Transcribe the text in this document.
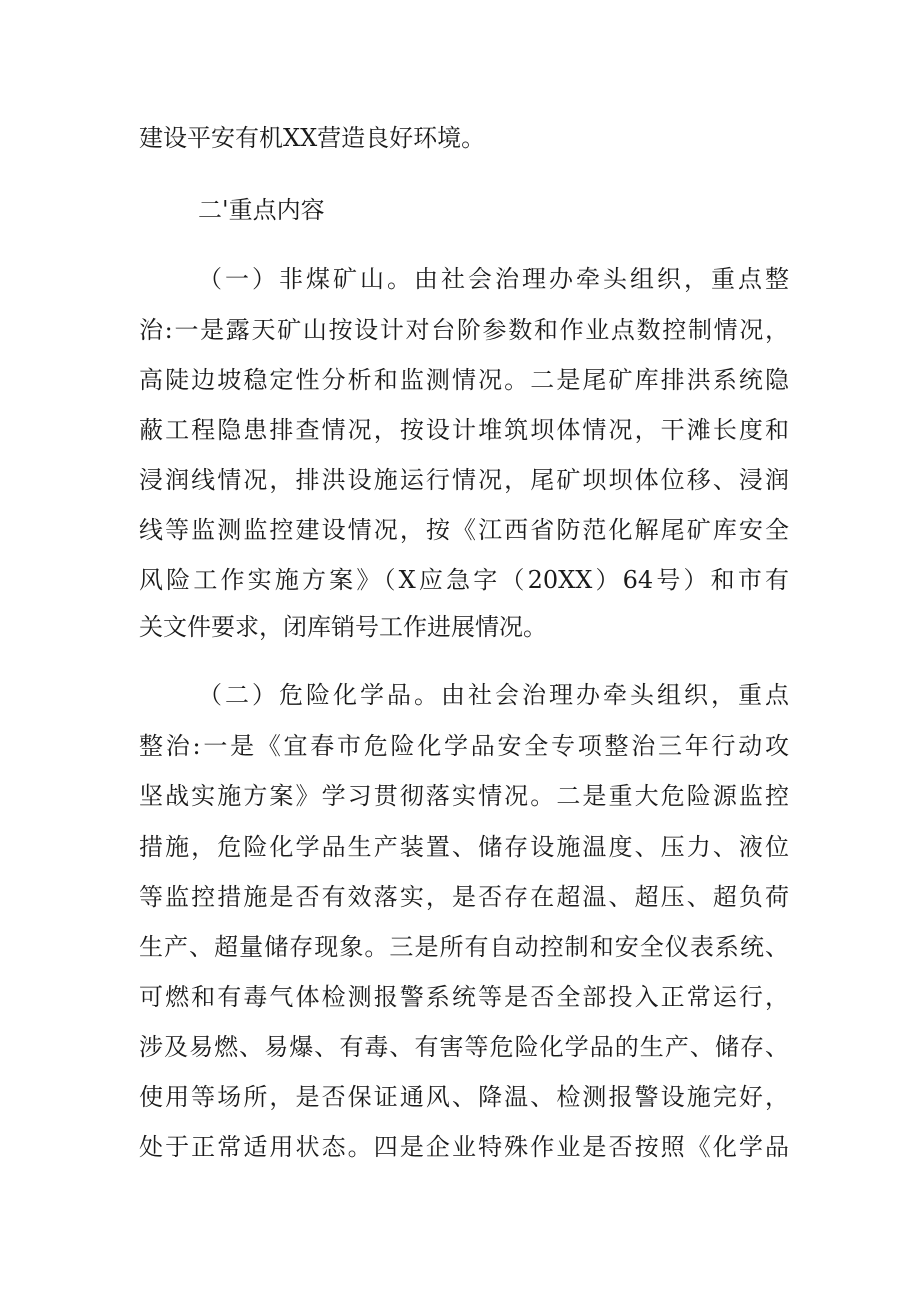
建设平安有机XX营造良好环境。
二'重点内容
（一）非煤矿山。由社会治理办牵头组织，重点整
治:一是露天矿山按设计对台阶参数和作业点数控制情况，
高陡边坡稳定性分析和监测情况。二是尾矿库排洪系统隐
蔽工程隐患排查情况，按设计堆筑坝体情况，干滩长度和
浸润线情况，排洪设施运行情况，尾矿坝坝体位移、浸润
线等监测监控建设情况，按《江西省防范化解尾矿库安全
风险工作实施方案》（X应急字（20XX）64号）和市有
关文件要求，闭库销号工作进展情况。
（二）危险化学品。由社会治理办牵头组织，重点
整治:一是《宜春市危险化学品安全专项整治三年行动攻
坚战实施方案》学习贯彻落实情况。二是重大危险源监控
措施，危险化学品生产装置、储存设施温度、压力、液位
等监控措施是否有效落实，是否存在超温、超压、超负荷
生产、超量储存现象。三是所有自动控制和安全仪表系统、
可燃和有毒气体检测报警系统等是否全部投入正常运行，
涉及易燃、易爆、有毒、有害等危险化学品的生产、储存、
使用等场所，是否保证通风、降温、检测报警设施完好，
处于正常适用状态。四是企业特殊作业是否按照《化学品
